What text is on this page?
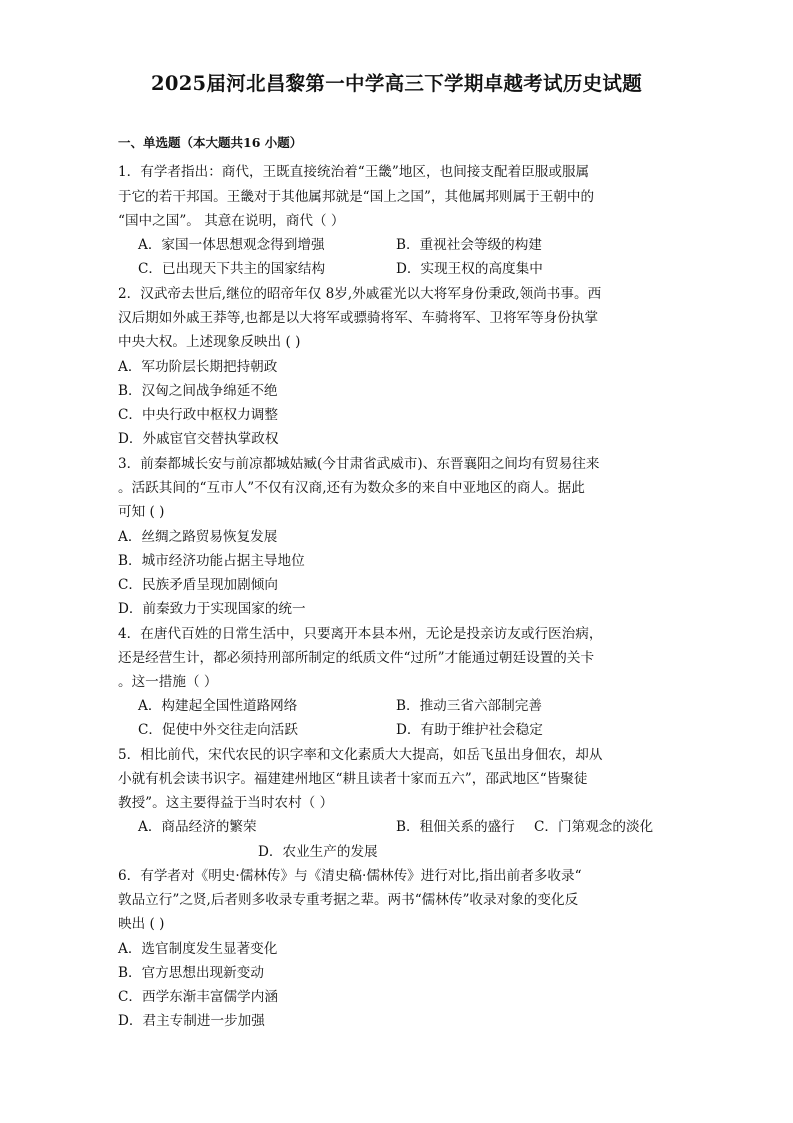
2025届河北昌黎第一中学高三下学期卓越考试历史试题
一、单选题（本大题共16 小题）
1．有学者指出：商代，王既直接统治着“王畿”地区，也间接支配着臣服或服属
于它的若干邦国。王畿对于其他属邦就是“国上之国”，其他属邦则属于王朝中的
“国中之国”。 其意在说明，商代（ ）
A．家国一体思想观念得到增强	B．重视社会等级的构建
C．已出现天下共主的国家结构	D．实现王权的高度集中
2．汉武帝去世后,继位的昭帝年仅 8岁,外戚霍光以大将军身份秉政,领尚书事。西
汉后期如外戚王莽等,也都是以大将军或骠骑将军、车骑将军、卫将军等身份执掌
中央大权。上述现象反映出 ( )
A．军功阶层长期把持朝政
B．汉匈之间战争绵延不绝
C．中央行政中枢权力调整
D．外戚宦官交替执掌政权
3．前秦都城长安与前凉都城姑臧(今甘肃省武威市)、东晋襄阳之间均有贸易往来
。活跃其间的“互市人”不仅有汉商,还有为数众多的来自中亚地区的商人。据此
可知 ( )
A．丝绸之路贸易恢复发展
B．城市经济功能占据主导地位
C．民族矛盾呈现加剧倾向
D．前秦致力于实现国家的统一
4．在唐代百姓的日常生活中，只要离开本县本州，无论是投亲访友或行医治病，
还是经营生计，都必须持刑部所制定的纸质文件“过所”才能通过朝廷设置的关卡
。这一措施（ ）
A．构建起全国性道路网络	B．推动三省六部制完善
C．促使中外交往走向活跃	D．有助于维护社会稳定
5．相比前代，宋代农民的识字率和文化素质大大提高，如岳飞虽出身佃农，却从
小就有机会读书识字。福建建州地区“耕且读者十家而五六”，邵武地区“皆聚徒
教授”。这主要得益于当时农村（ ）
A．商品经济的繁荣	B．租佃关系的盛行 C．门第观念的淡化
D．农业生产的发展
6．有学者对《明史·儒林传》与《清史稿·儒林传》进行对比,指出前者多收录“
敦品立行”之贤,后者则多收录专重考据之辈。两书“儒林传”收录对象的变化反
映出 ( )
A．选官制度发生显著变化
B．官方思想出现新变动
C．西学东渐丰富儒学内涵
D．君主专制进一步加强
